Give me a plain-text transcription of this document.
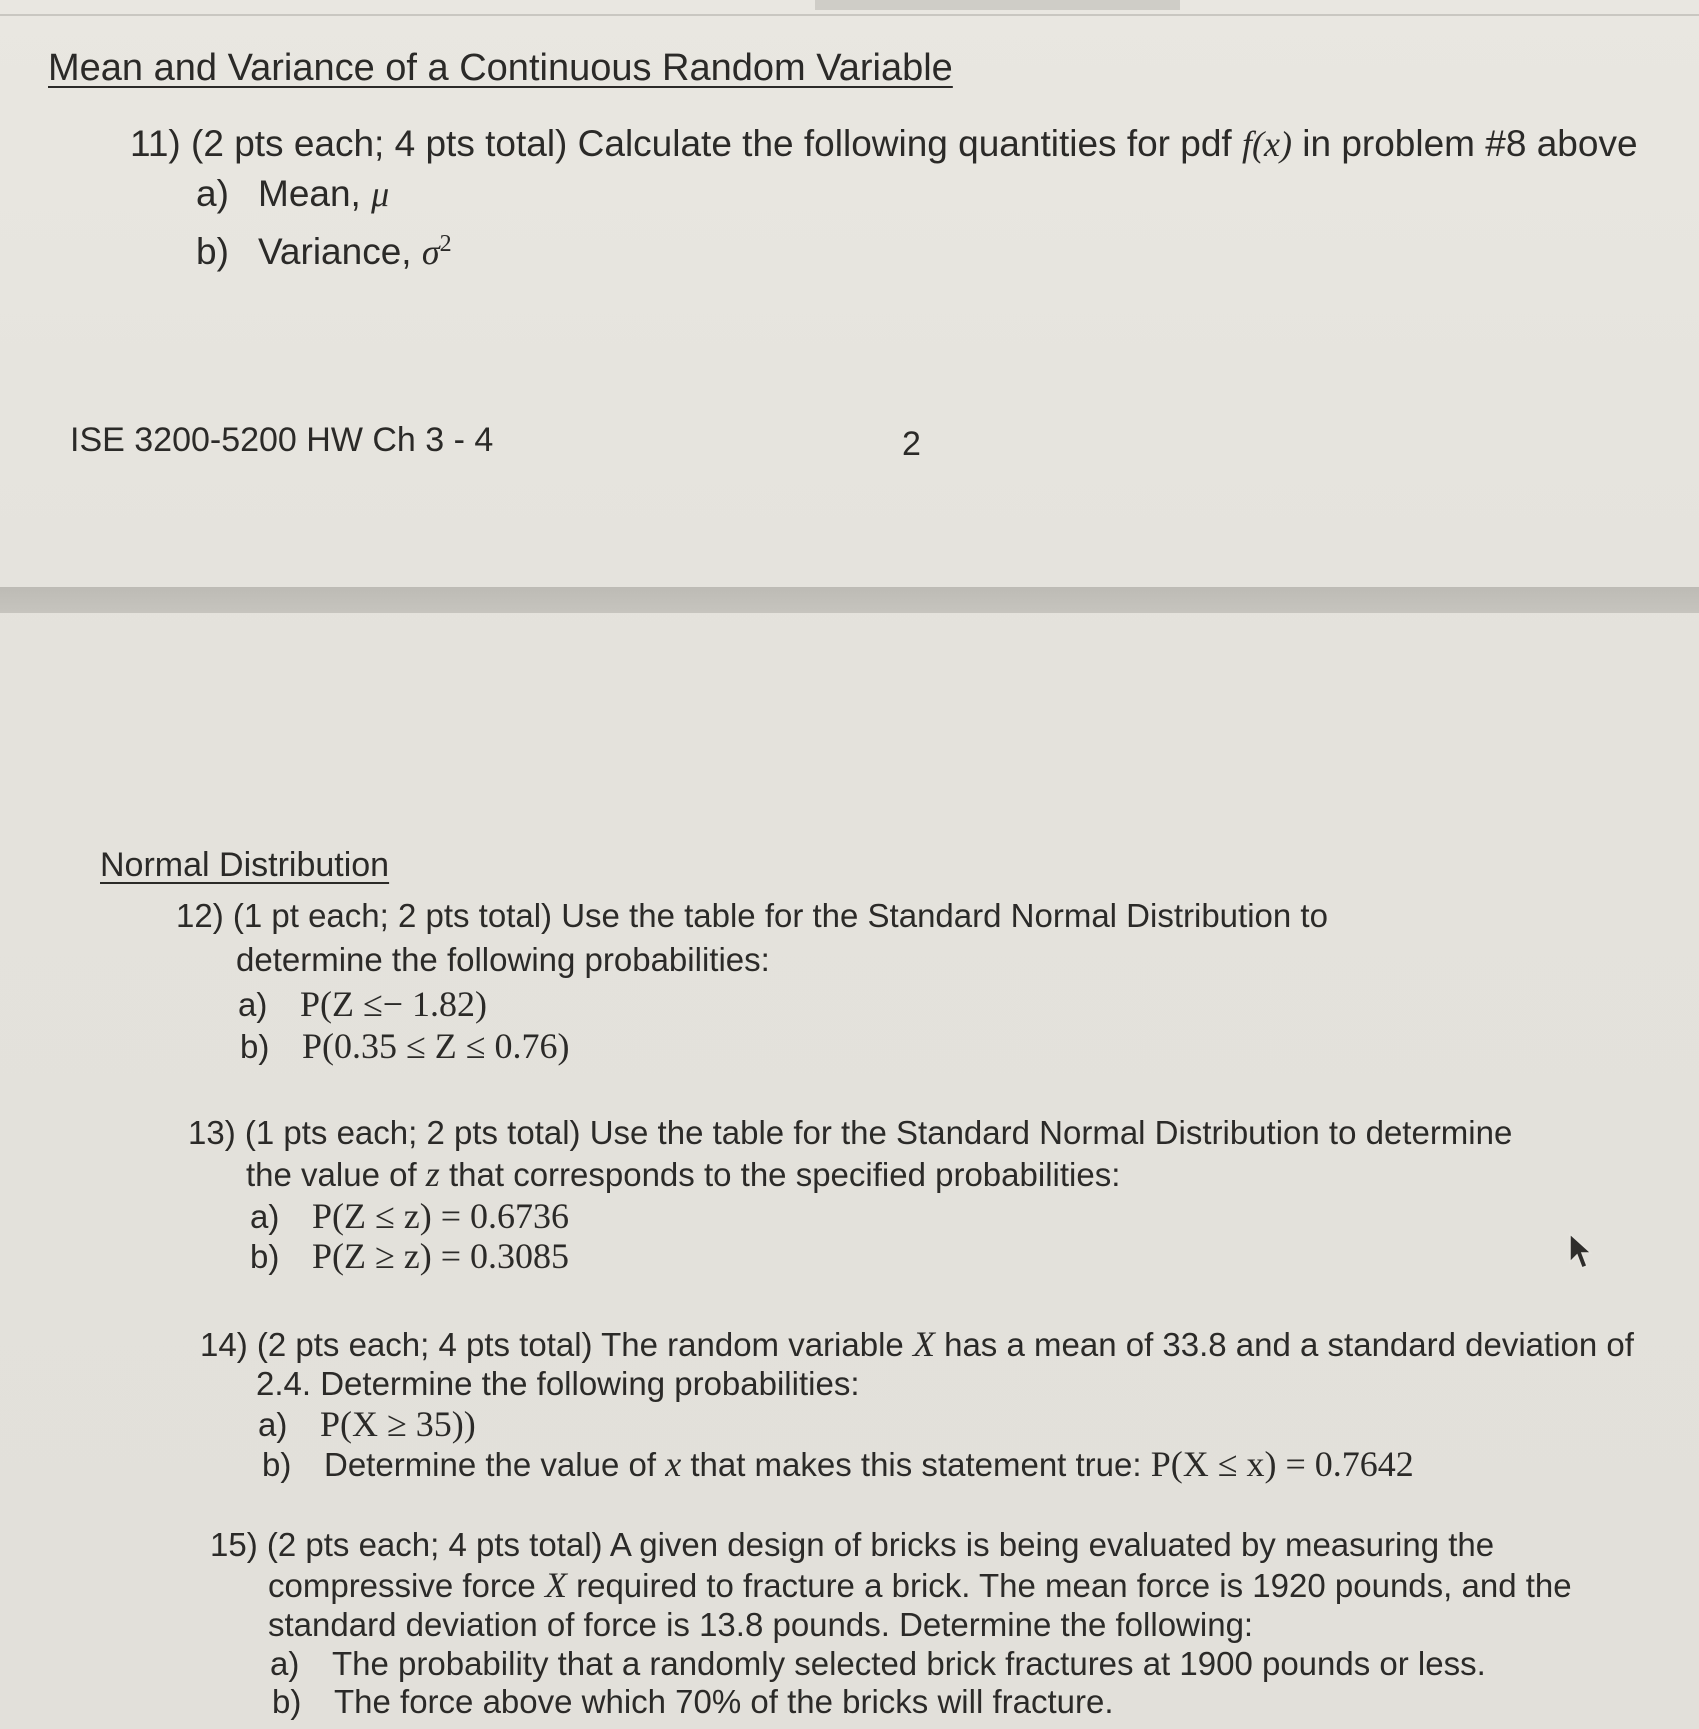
Mean and Variance of a Continuous Random Variable
11) (2 pts each; 4 pts total) Calculate the following quantities for pdf f(x) in problem #8 above
a) Mean, μ
b) Variance, $\sigma^2$
ISE 3200-5200 HW Ch 3 - 4	2
Normal Distribution
12) (1 pt each; 2 pts total) Use the table for the Standard Normal Distribution to
determine the following probabilities:
a) P(Z ≤− 1.82)
b) P(0.35 ≤ Z ≤ 0.76)
13) (1 pts each; 2 pts total) Use the table for the Standard Normal Distribution to determine
the value of z that corresponds to the specified probabilities:
a) P(Z ≤ z) = 0.6736
b) P(Z ≥ z) = 0.3085
14) (2 pts each; 4 pts total) The random variable X has a mean of 33.8 and a standard deviation of
2.4. Determine the following probabilities:
a) P(X ≥ 35))
b) Determine the value of x that makes this statement true: P(X ≤ x) = 0.7642
15) (2 pts each; 4 pts total) A given design of bricks is being evaluated by measuring the
compressive force X required to fracture a brick. The mean force is 1920 pounds, and the
standard deviation of force is 13.8 pounds. Determine the following:
a) The probability that a randomly selected brick fractures at 1900 pounds or less.
b) The force above which 70% of the bricks will fracture.
